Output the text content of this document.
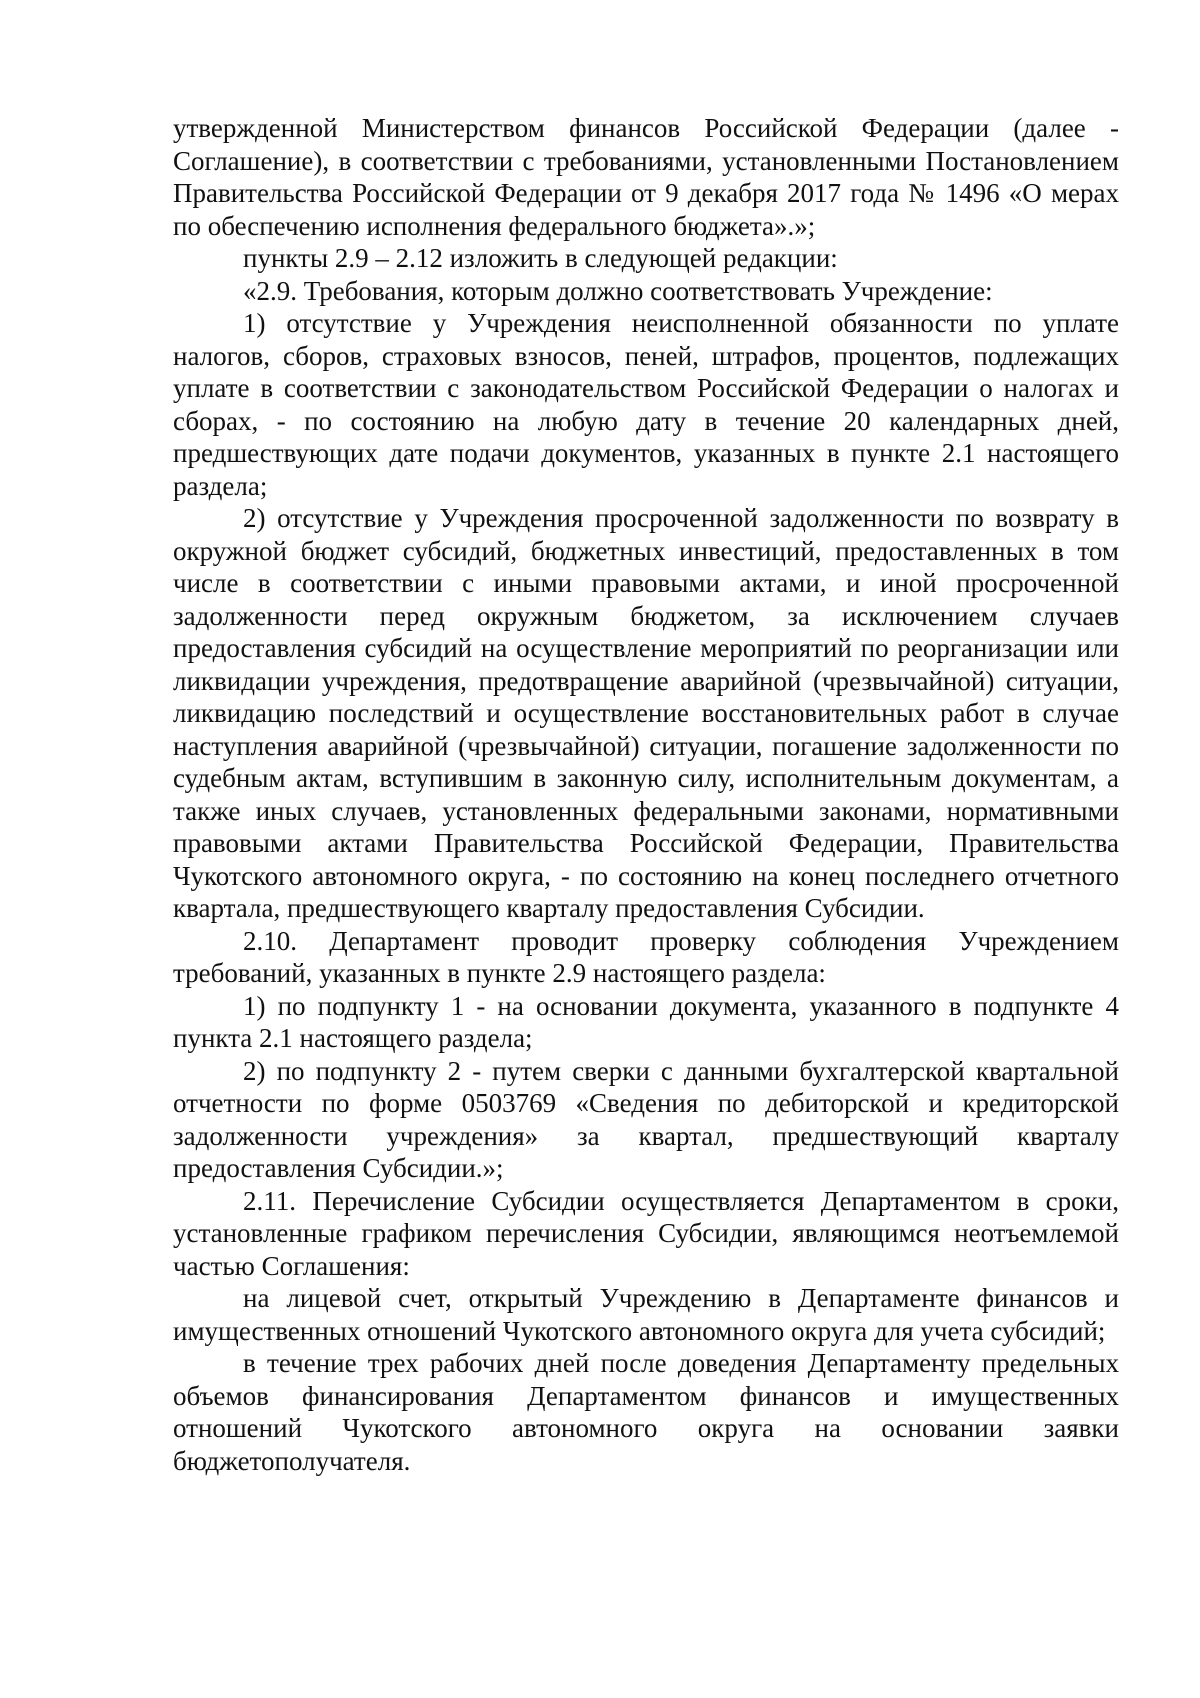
утвержденной Министерством финансов Российской Федерации (далее - Соглашение), в соответствии с требованиями, установленными Постановлением Правительства Российской Федерации от 9 декабря 2017 года № 1496 «О мерах по обеспечению исполнения федерального бюджета».»;

пункты 2.9 – 2.12 изложить в следующей редакции:

«2.9. Требования, которым должно соответствовать Учреждение:

1) отсутствие у Учреждения неисполненной обязанности по уплате налогов, сборов, страховых взносов, пеней, штрафов, процентов, подлежащих уплате в соответствии с законодательством Российской Федерации о налогах и сборах, - по состоянию на любую дату в течение 20 календарных дней, предшествующих дате подачи документов, указанных в пункте 2.1 настоящего раздела;

2) отсутствие у Учреждения просроченной задолженности по возврату в окружной бюджет субсидий, бюджетных инвестиций, предоставленных в том числе в соответствии с иными правовыми актами, и иной просроченной задолженности перед окружным бюджетом, за исключением случаев предоставления субсидий на осуществление мероприятий по реорганизации или ликвидации учреждения, предотвращение аварийной (чрезвычайной) ситуации, ликвидацию последствий и осуществление восстановительных работ в случае наступления аварийной (чрезвычайной) ситуации, погашение задолженности по судебным актам, вступившим в законную силу, исполнительным документам, а также иных случаев, установленных федеральными законами, нормативными правовыми актами Правительства Российской Федерации, Правительства Чукотского автономного округа, - по состоянию на конец последнего отчетного квартала, предшествующего кварталу предоставления Субсидии.

2.10. Департамент проводит проверку соблюдения Учреждением требований, указанных в пункте 2.9 настоящего раздела:

1) по подпункту 1 - на основании документа, указанного в подпункте 4 пункта 2.1 настоящего раздела;

2) по подпункту 2 - путем сверки с данными бухгалтерской квартальной отчетности по форме 0503769 «Сведения по дебиторской и кредиторской задолженности учреждения» за квартал, предшествующий кварталу предоставления Субсидии.»;

2.11. Перечисление Субсидии осуществляется Департаментом в сроки, установленные графиком перечисления Субсидии, являющимся неотъемлемой частью Соглашения:

на лицевой счет, открытый Учреждению в Департаменте финансов и имущественных отношений Чукотского автономного округа для учета субсидий;

в течение трех рабочих дней после доведения Департаменту предельных объемов финансирования Департаментом финансов и имущественных отношений Чукотского автономного округа на основании заявки бюджетополучателя.
